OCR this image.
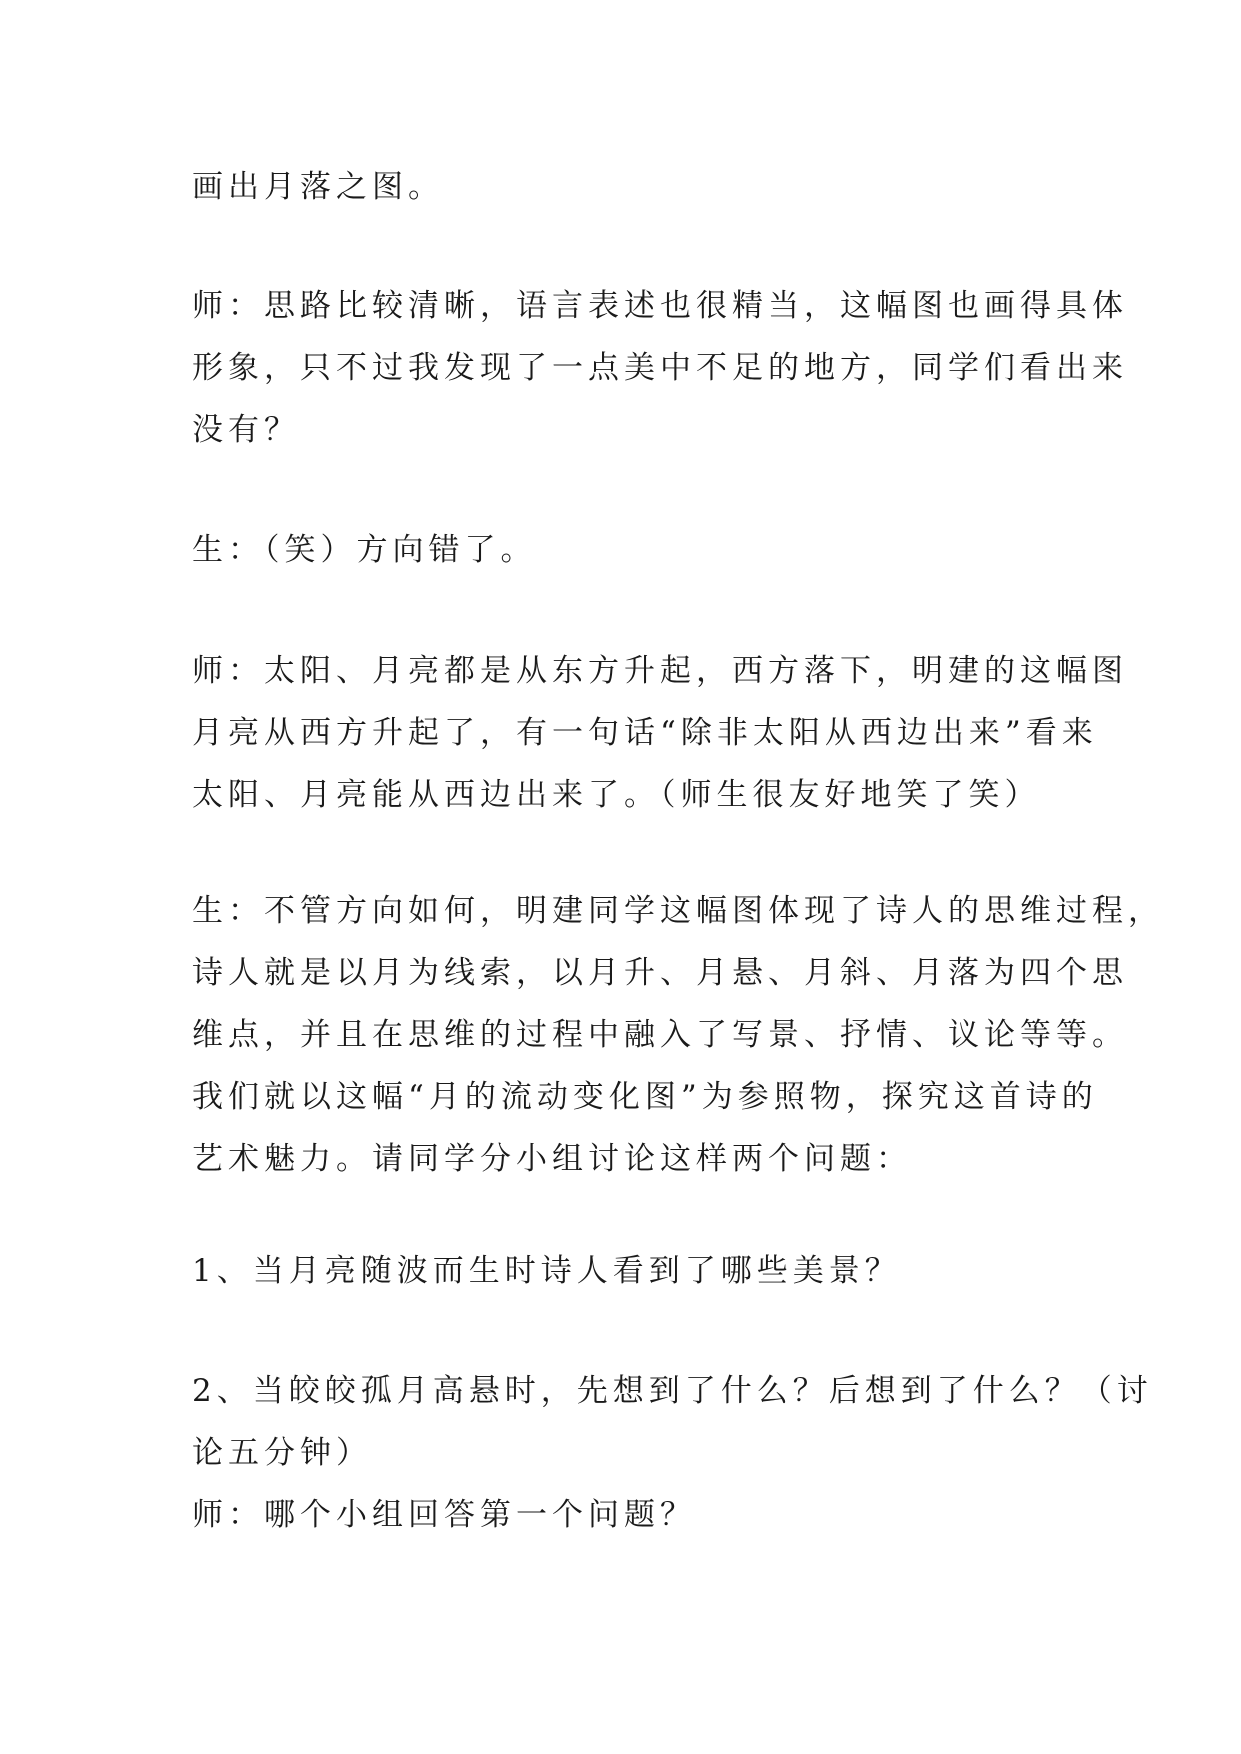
画出月落之图。

师：思路比较清晰，语言表述也很精当，这幅图也画得具体
形象，只不过我发现了一点美中不足的地方，同学们看出来
没有？

生：（笑）方向错了。

师：太阳、月亮都是从东方升起，西方落下，明建的这幅图
月亮从西方升起了，有一句话“除非太阳从西边出来”看来
太阳、月亮能从西边出来了。（师生很友好地笑了笑）

生：不管方向如何，明建同学这幅图体现了诗人的思维过程，
诗人就是以月为线索，以月升、月悬、月斜、月落为四个思
维点，并且在思维的过程中融入了写景、抒情、议论等等。
我们就以这幅“月的流动变化图”为参照物，探究这首诗的
艺术魅力。请同学分小组讨论这样两个问题：

1、当月亮随波而生时诗人看到了哪些美景？

2、当皎皎孤月高悬时，先想到了什么？后想到了什么？（讨
论五分钟）

师：哪个小组回答第一个问题？
